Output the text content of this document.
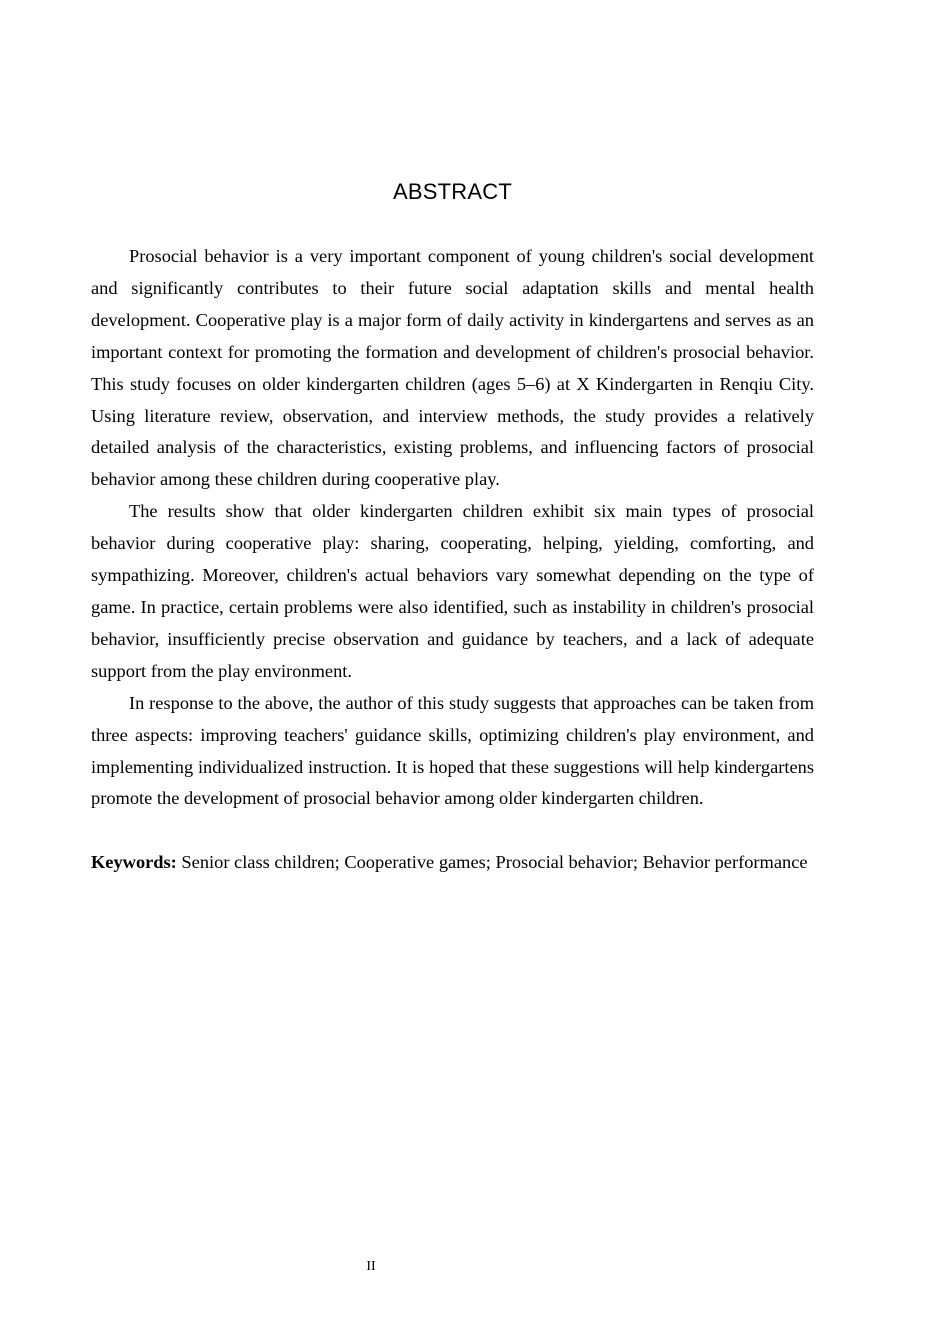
ABSTRACT

Prosocial behavior is a very important component of young children's social development and significantly contributes to their future social adaptation skills and mental health development. Cooperative play is a major form of daily activity in kindergartens and serves as an important context for promoting the formation and development of children's prosocial behavior. This study focuses on older kindergarten children (ages 5–6) at X Kindergarten in Renqiu City. Using literature review, observation, and interview methods, the study provides a relatively detailed analysis of the characteristics, existing problems, and influencing factors of prosocial behavior among these children during cooperative play.

The results show that older kindergarten children exhibit six main types of prosocial behavior during cooperative play: sharing, cooperating, helping, yielding, comforting, and sympathizing. Moreover, children's actual behaviors vary somewhat depending on the type of game. In practice, certain problems were also identified, such as instability in children's prosocial behavior, insufficiently precise observation and guidance by teachers, and a lack of adequate support from the play environment.

In response to the above, the author of this study suggests that approaches can be taken from three aspects: improving teachers' guidance skills, optimizing children's play environment, and implementing individualized instruction. It is hoped that these suggestions will help kindergartens promote the development of prosocial behavior among older kindergarten children.

Keywords: Senior class children; Cooperative games; Prosocial behavior; Behavior performance

II
